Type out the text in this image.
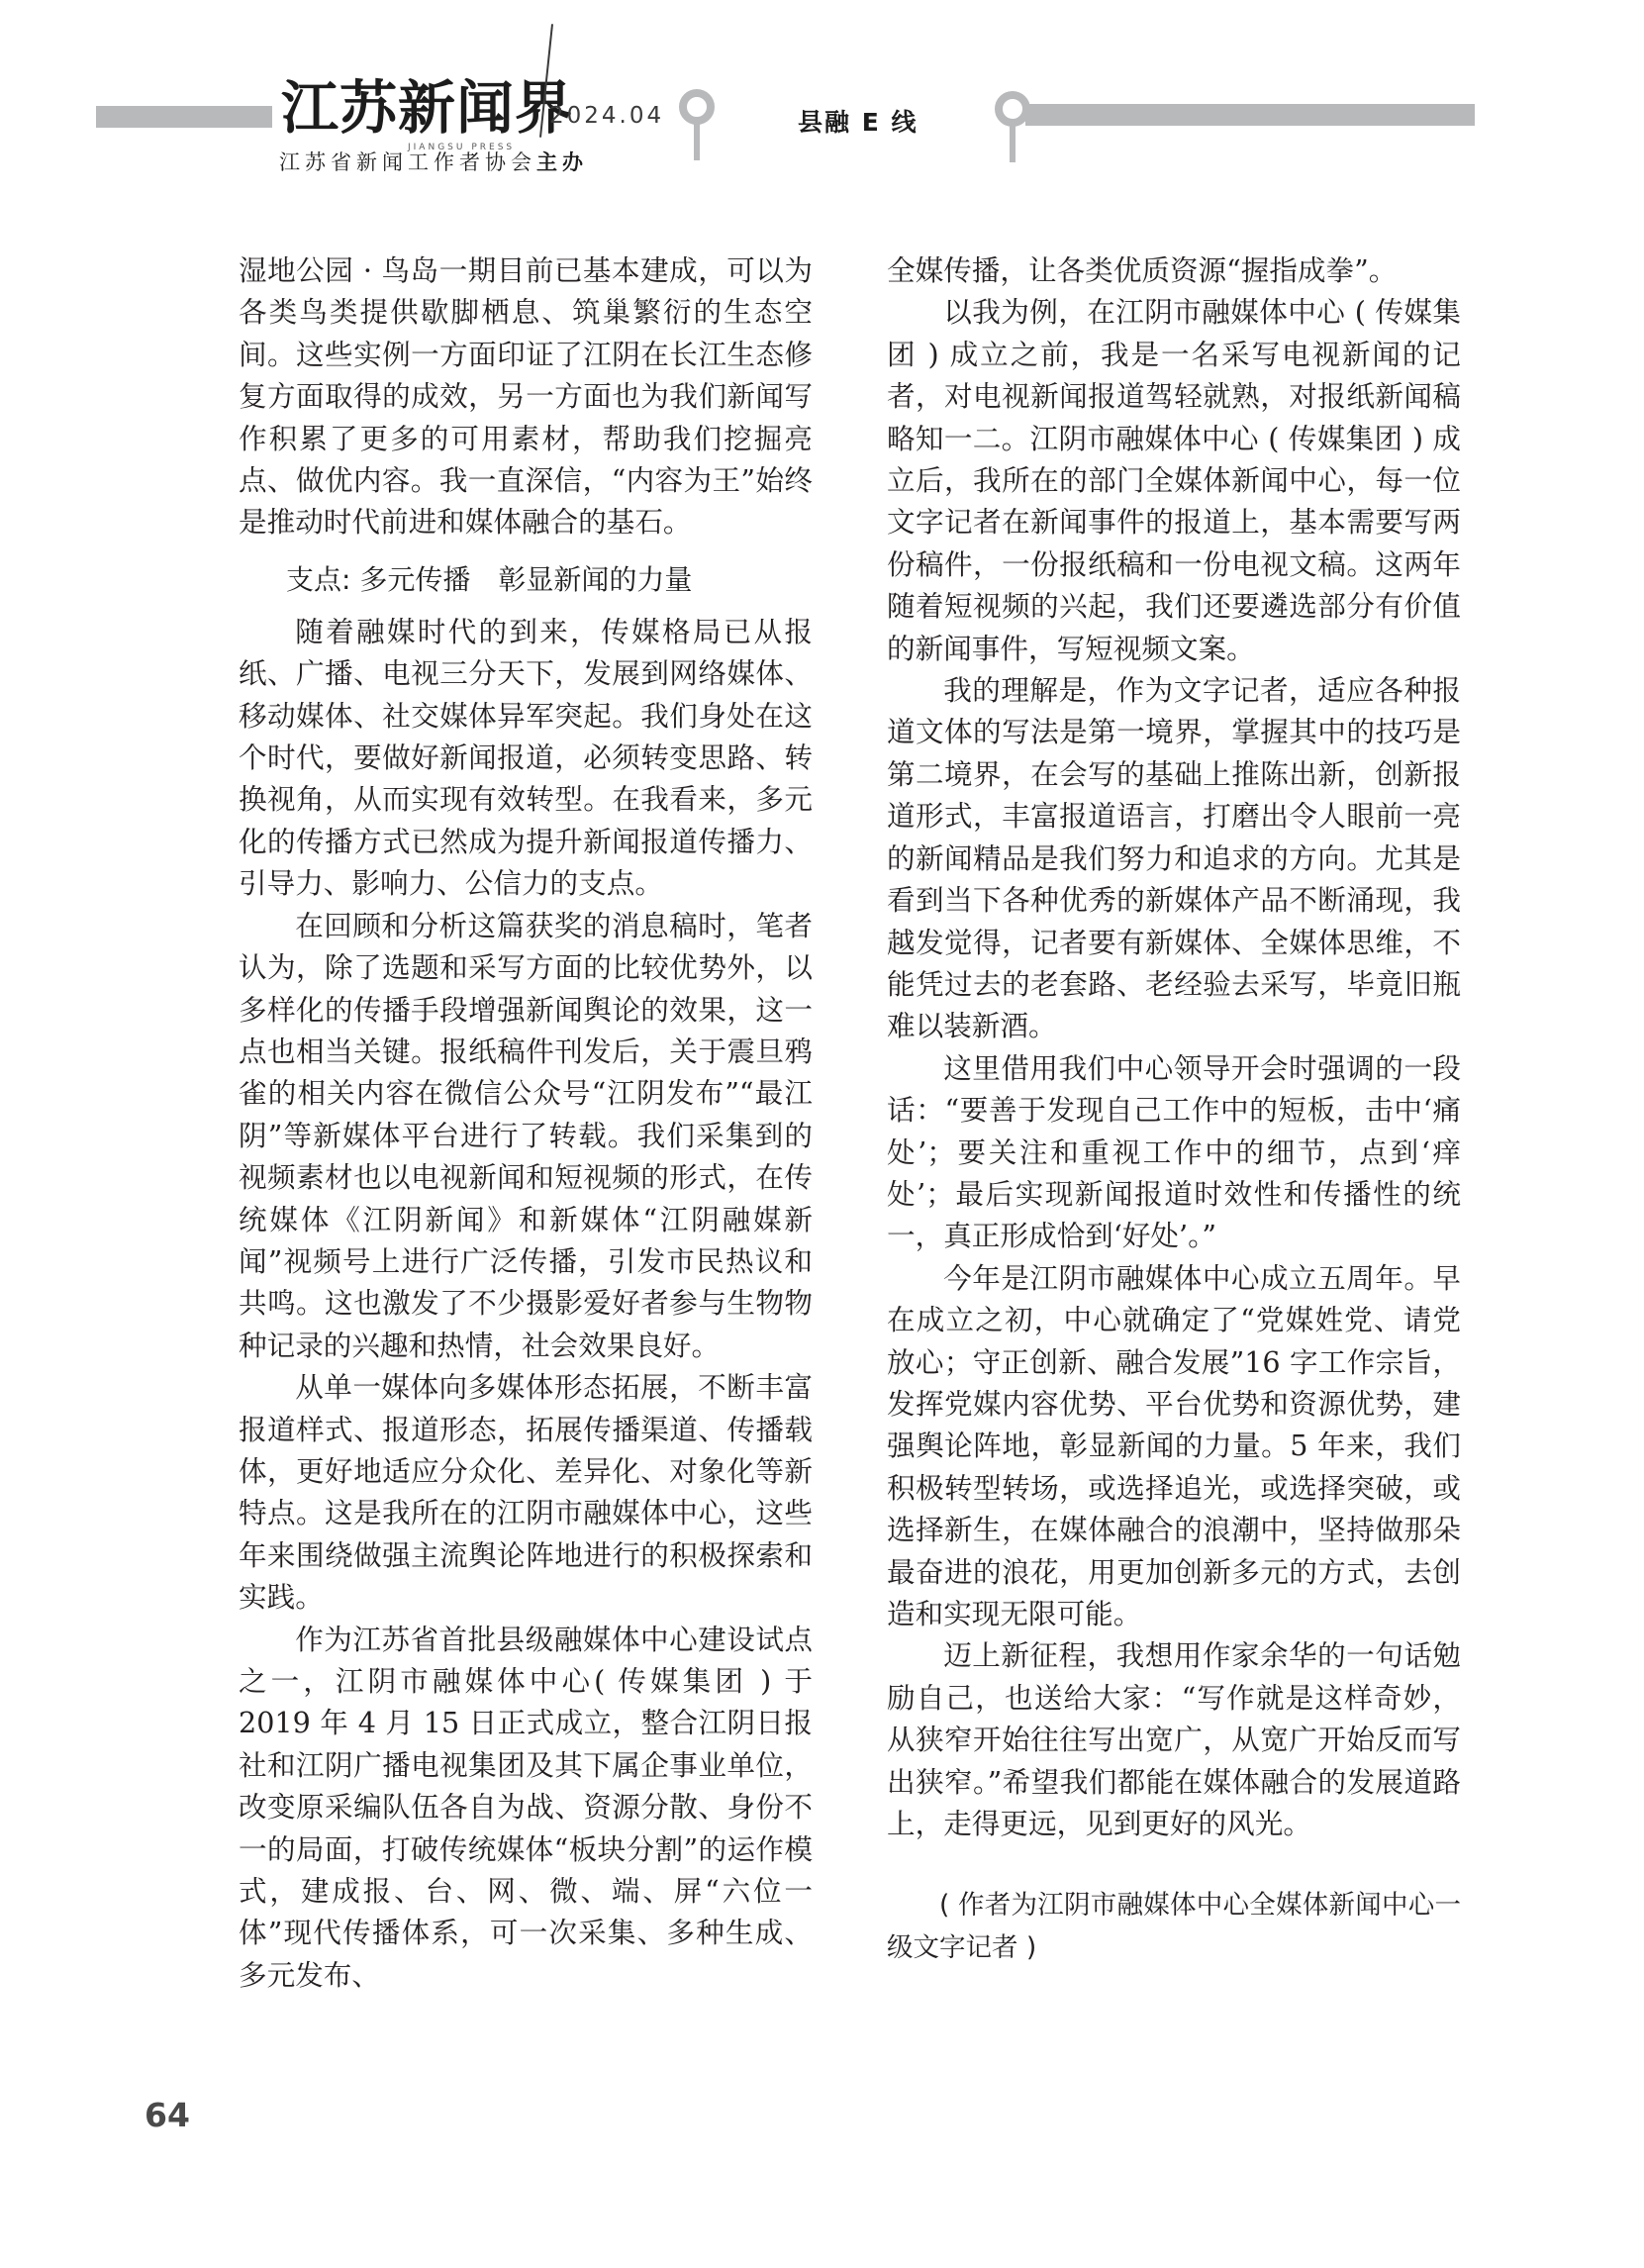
江苏新闻界
JIANGSU PRESS
2024.04
江苏省新闻工作者协会主办
县融 E 线

湿地公园 · 鸟岛一期目前已基本建成，可以为各类鸟类提供歇脚栖息、筑巢繁衍的生态空间。这些实例一方面印证了江阴在长江生态修复方面取得的成效，另一方面也为我们新闻写作积累了更多的可用素材，帮助我们挖掘亮点、做优内容。我一直深信，“内容为王”始终是推动时代前进和媒体融合的基石。

支点: 多元传播　彰显新闻的力量

随着融媒时代的到来，传媒格局已从报纸、广播、电视三分天下，发展到网络媒体、移动媒体、社交媒体异军突起。我们身处在这个时代，要做好新闻报道，必须转变思路、转换视角，从而实现有效转型。在我看来，多元化的传播方式已然成为提升新闻报道传播力、引导力、影响力、公信力的支点。

在回顾和分析这篇获奖的消息稿时，笔者认为，除了选题和采写方面的比较优势外，以多样化的传播手段增强新闻舆论的效果，这一点也相当关键。报纸稿件刊发后，关于震旦鸦雀的相关内容在微信公众号“江阴发布”“最江阴”等新媒体平台进行了转载。我们采集到的视频素材也以电视新闻和短视频的形式，在传统媒体《江阴新闻》和新媒体“江阴融媒新闻”视频号上进行广泛传播，引发市民热议和共鸣。这也激发了不少摄影爱好者参与生物物种记录的兴趣和热情，社会效果良好。

从单一媒体向多媒体形态拓展，不断丰富报道样式、报道形态，拓展传播渠道、传播载体，更好地适应分众化、差异化、对象化等新特点。这是我所在的江阴市融媒体中心，这些年来围绕做强主流舆论阵地进行的积极探索和实践。

作为江苏省首批县级融媒体中心建设试点之一，江阴市融媒体中心( 传媒集团 ) 于 2019 年 4 月 15 日正式成立，整合江阴日报社和江阴广播电视集团及其下属企事业单位，改变原采编队伍各自为战、资源分散、身份不一的局面，打破传统媒体“板块分割”的运作模式，建成报、台、网、微、端、屏“六位一体”现代传播体系，可一次采集、多种生成、多元发布、

全媒传播，让各类优质资源“握指成拳”。

以我为例，在江阴市融媒体中心 ( 传媒集团 ) 成立之前，我是一名采写电视新闻的记者，对电视新闻报道驾轻就熟，对报纸新闻稿略知一二。江阴市融媒体中心 ( 传媒集团 ) 成立后，我所在的部门全媒体新闻中心，每一位文字记者在新闻事件的报道上，基本需要写两份稿件，一份报纸稿和一份电视文稿。这两年随着短视频的兴起，我们还要遴选部分有价值的新闻事件，写短视频文案。

我的理解是，作为文字记者，适应各种报道文体的写法是第一境界，掌握其中的技巧是第二境界，在会写的基础上推陈出新，创新报道形式，丰富报道语言，打磨出令人眼前一亮的新闻精品是我们努力和追求的方向。尤其是看到当下各种优秀的新媒体产品不断涌现，我越发觉得，记者要有新媒体、全媒体思维，不能凭过去的老套路、老经验去采写，毕竟旧瓶难以装新酒。

这里借用我们中心领导开会时强调的一段话：“要善于发现自己工作中的短板，击中‘痛处’；要关注和重视工作中的细节，点到‘痒处’；最后实现新闻报道时效性和传播性的统一，真正形成恰到‘好处’。”

今年是江阴市融媒体中心成立五周年。早在成立之初，中心就确定了“党媒姓党、请党放心；守正创新、融合发展”16 字工作宗旨，发挥党媒内容优势、平台优势和资源优势，建强舆论阵地，彰显新闻的力量。5 年来，我们积极转型转场，或选择追光，或选择突破，或选择新生，在媒体融合的浪潮中，坚持做那朵最奋进的浪花，用更加创新多元的方式，去创造和实现无限可能。

迈上新征程，我想用作家余华的一句话勉励自己，也送给大家：“写作就是这样奇妙，从狭窄开始往往写出宽广，从宽广开始反而写出狭窄。”希望我们都能在媒体融合的发展道路上，走得更远，见到更好的风光。

( 作者为江阴市融媒体中心全媒体新闻中心一级文字记者 )

64
